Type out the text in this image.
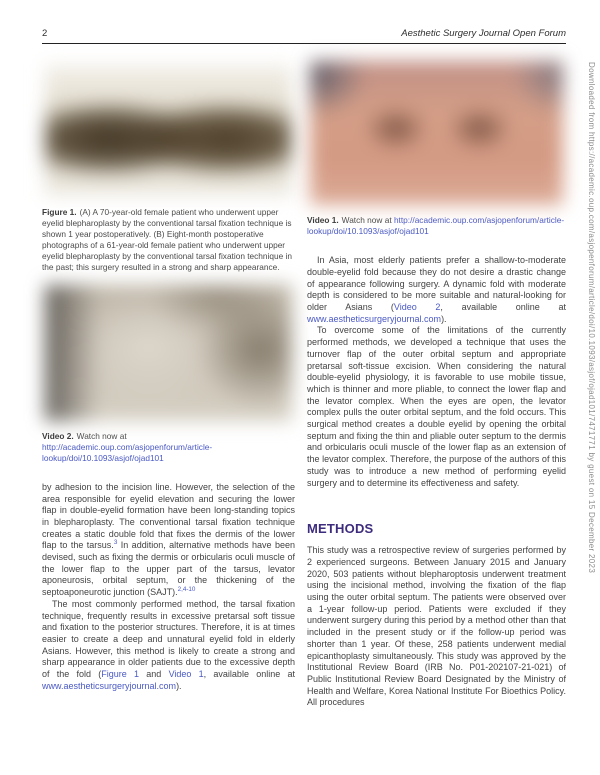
Downloaded from https://academic.oup.com/asjopenforum/article/doi/10.1093/asjof/ojad101/7471771 by guest on 15 December 2023
2	Aesthetic Surgery Journal Open Forum

Figure 1. (A) A 70-year-old female patient who underwent upper eyelid blepharoplasty by the conventional tarsal fixation technique is shown 1 year postoperatively. (B) Eight-month postoperative photographs of a 61-year-old female patient who underwent upper eyelid blepharoplasty by the conventional tarsal fixation technique in the past; this surgery resulted in a strong and sharp appearance.

Video 2. Watch now at http://academic.oup.com/asjopenforum/article-lookup/doi/10.1093/asjof/ojad101

by adhesion to the incision line. However, the selection of the area responsible for eyelid elevation and securing the lower flap in double-eyelid formation have been long-standing topics in blepharoplasty. The conventional tarsal fixation technique creates a static double fold that fixes the dermis of the lower flap to the tarsus.$^3$ In addition, alternative methods have been devised, such as fixing the dermis or orbicularis oculi muscle of the lower flap to the upper part of the tarsus, levator aponeurosis, orbital septum, or the thickening of the septoaponeurotic junction (SAJT).$^{2,4-10}$

The most commonly performed method, the tarsal fixation technique, frequently results in excessive pretarsal soft tissue and fixation to the posterior structures. Therefore, it is at times easier to create a deep and unnatural eyelid fold in elderly Asians. However, this method is likely to create a strong and sharp appearance in older patients due to the excessive depth of the fold (Figure 1 and Video 1, available online at www.aestheticsurgeryjournal.com).

Video 1. Watch now at http://academic.oup.com/asjopenforum/article-lookup/doi/10.1093/asjof/ojad101

In Asia, most elderly patients prefer a shallow-to-moderate double-eyelid fold because they do not desire a drastic change of appearance following surgery. A dynamic fold with moderate depth is considered to be more suitable and natural-looking for older Asians (Video 2, available online at www.aestheticsurgeryjournal.com).

To overcome some of the limitations of the currently performed methods, we developed a technique that uses the turnover flap of the outer orbital septum and appropriate pretarsal soft-tissue excision. When considering the natural double-eyelid physiology, it is favorable to use mobile tissue, which is thinner and more pliable, to connect the lower flap and the levator complex. When the eyes are open, the levator complex pulls the outer orbital septum, and the fold occurs. This surgical method creates a double eyelid by opening the orbital septum and fixing the thin and pliable outer septum to the dermis and orbicularis oculi muscle of the lower flap as an extension of the levator complex. Therefore, the purpose of the authors of this study was to introduce a new method of performing eyelid surgery and to determine its effectiveness and safety.

METHODS

This study was a retrospective review of surgeries performed by 2 experienced surgeons. Between January 2015 and January 2020, 503 patients without blepharoptosis underwent treatment using the incisional method, involving the fixation of the flap using the outer orbital septum. The patients were observed over a 1-year follow-up period. Patients were excluded if they underwent surgery during this period by a method other than that included in the present study or if the follow-up period was shorter than 1 year. Of these, 258 patients underwent medial epicanthoplasty simultaneously. This study was approved by the Institutional Review Board (IRB No. P01-202107-21-021) of Public Institutional Review Board Designated by the Ministry of Health and Welfare, Korea National Institute For Bioethics Policy. All procedures
